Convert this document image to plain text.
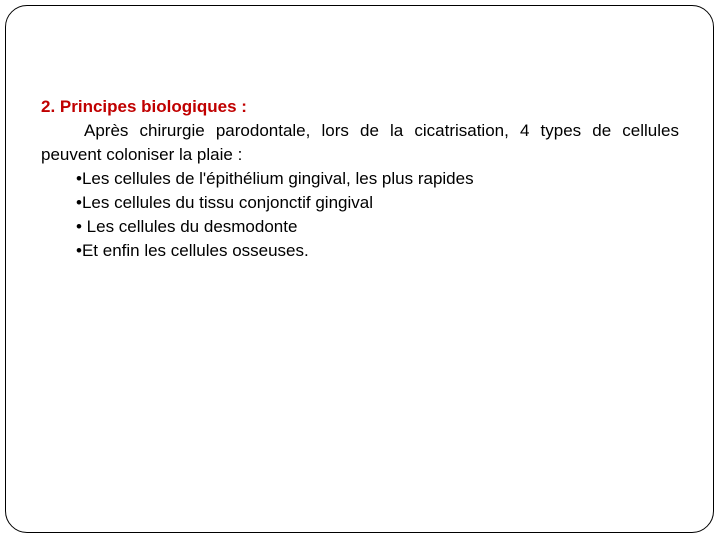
2. Principes biologiques :

Après chirurgie parodontale, lors de la cicatrisation, 4 types de cellules peuvent coloniser la plaie :

•Les cellules de l'épithélium gingival, les plus rapides
•Les cellules du tissu conjonctif gingival
• Les cellules du desmodonte
•Et enfin les cellules osseuses.
